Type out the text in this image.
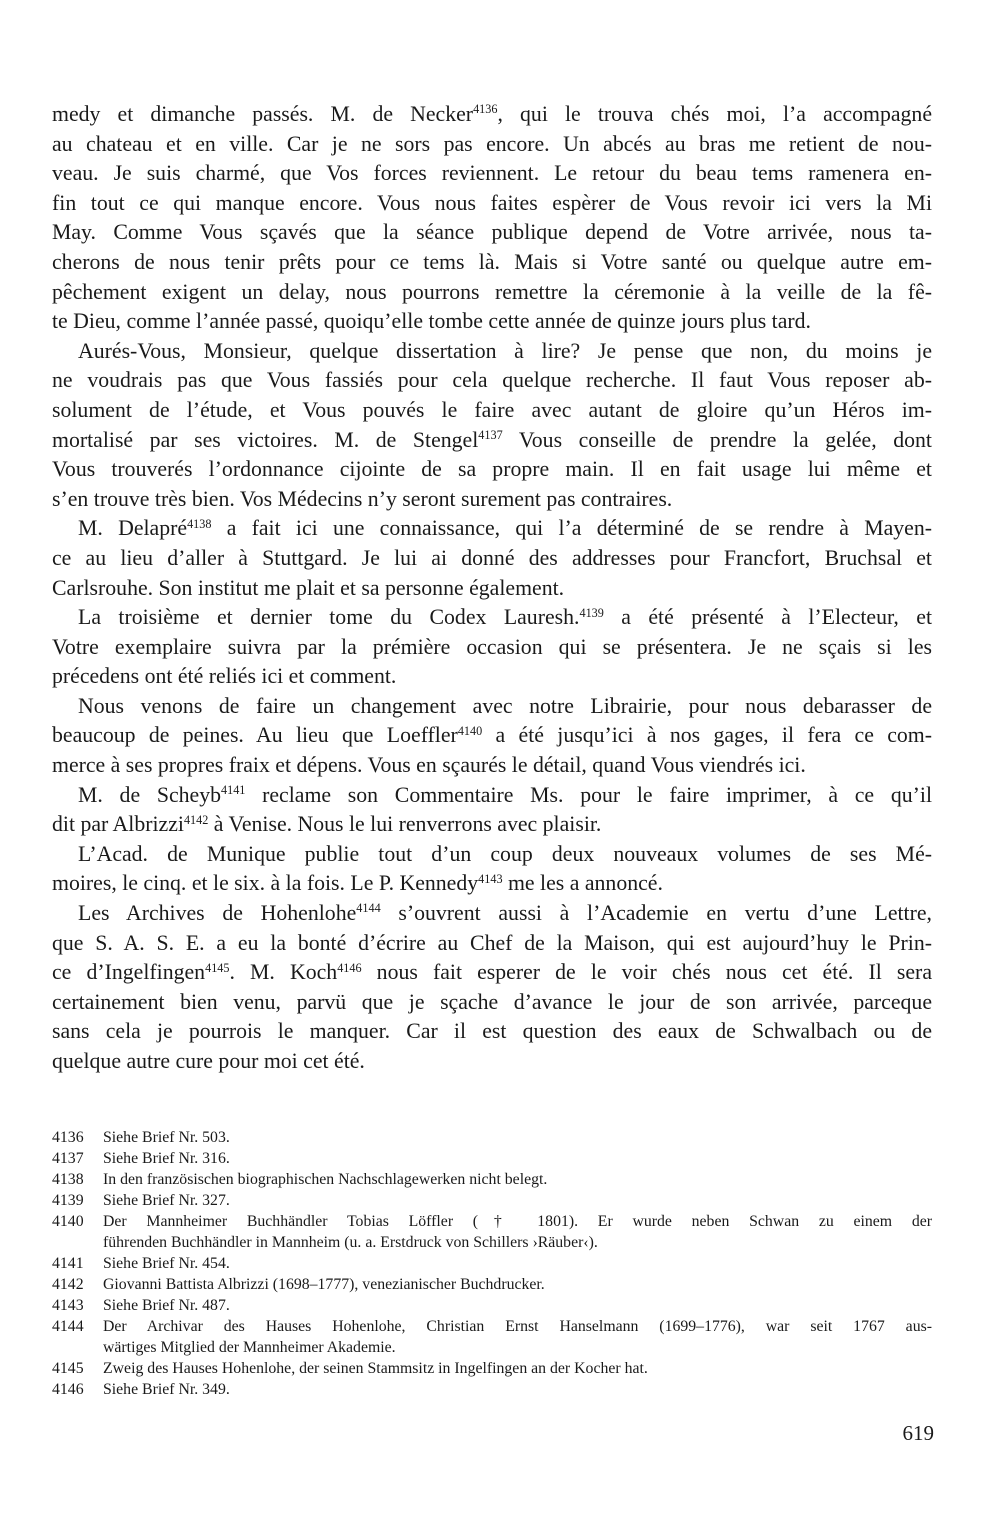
medy et dimanche passés. M. de Necker$^{4136}$, qui le trouva chés moi, l’a accompagné
au chateau et en ville. Car je ne sors pas encore. Un abcés au bras me retient de nou-
veau. Je suis charmé, que Vos forces reviennent. Le retour du beau tems ramenera en-
fin tout ce qui manque encore. Vous nous faites espèrer de Vous revoir ici vers la Mi
May. Comme Vous sçavés que la séance publique depend de Votre arrivée, nous ta-
cherons de nous tenir prêts pour ce tems là. Mais si Votre santé ou quelque autre em-
pêchement exigent un delay, nous pourrons remettre la céremonie à la veille de la fê-
te Dieu, comme l’année passé, quoiqu’elle tombe cette année de quinze jours plus tard.
Aurés-Vous, Monsieur, quelque dissertation à lire? Je pense que non, du moins je
ne voudrais pas que Vous fassiés pour cela quelque recherche. Il faut Vous reposer ab-
solument de l’étude, et Vous pouvés le faire avec autant de gloire qu’un Héros im-
mortalisé par ses victoires. M. de Stengel$^{4137}$ Vous conseille de prendre la gelée, dont
Vous trouverés l’ordonnance cijointe de sa propre main. Il en fait usage lui même et
s’en trouve très bien. Vos Médecins n’y seront surement pas contraires.
M. Delapré$^{4138}$ a fait ici une connaissance, qui l’a déterminé de se rendre à Mayen-
ce au lieu d’aller à Stuttgard. Je lui ai donné des addresses pour Francfort, Bruchsal et
Carlsrouhe. Son institut me plait et sa personne également.
La troisième et dernier tome du Codex Lauresh.$^{4139}$ a été présenté à l’Electeur, et
Votre exemplaire suivra par la prémière occasion qui se présentera. Je ne sçais si les
précedens ont été reliés ici et comment.
Nous venons de faire un changement avec notre Librairie, pour nous debarasser de
beaucoup de peines. Au lieu que Loeffler$^{4140}$ a été jusqu’ici à nos gages, il fera ce com-
merce à ses propres fraix et dépens. Vous en sçaurés le détail, quand Vous viendrés ici.
M. de Scheyb$^{4141}$ reclame son Commentaire Ms. pour le faire imprimer, à ce qu’il
dit par Albrizzi$^{4142}$ à Venise. Nous le lui renverrons avec plaisir.
L’Acad. de Munique publie tout d’un coup deux nouveaux volumes de ses Mé-
moires, le cinq. et le six. à la fois. Le P. Kennedy$^{4143}$ me les a annoncé.
Les Archives de Hohenlohe$^{4144}$ s’ouvrent aussi à l’Academie en vertu d’une Lettre,
que S. A. S. E. a eu la bonté d’écrire au Chef de la Maison, qui est aujourd’huy le Prin-
ce d’Ingelfingen$^{4145}$. M. Koch$^{4146}$ nous fait esperer de le voir chés nous cet été. Il sera
certainement bien venu, parvü que je sçache d’avance le jour de son arrivée, parceque
sans cela je pourrois le manquer. Car il est question des eaux de Schwalbach ou de
quelque autre cure pour moi cet été.
4136	Siehe Brief Nr. 503.
4137	Siehe Brief Nr. 316.
4138	In den französischen biographischen Nachschlagewerken nicht belegt.
4139	Siehe Brief Nr. 327.
4140	Der Mannheimer Buchhändler Tobias Löffler († 1801). Er wurde neben Schwan zu einem der
führenden Buchhändler in Mannheim (u. a. Erstdruck von Schillers ›Räuber‹).
4141	Siehe Brief Nr. 454.
4142	Giovanni Battista Albrizzi (1698–1777), venezianischer Buchdrucker.
4143	Siehe Brief Nr. 487.
4144	Der Archivar des Hauses Hohenlohe, Christian Ernst Hanselmann (1699–1776), war seit 1767 aus-
wärtiges Mitglied der Mannheimer Akademie.
4145	Zweig des Hauses Hohenlohe, der seinen Stammsitz in Ingelfingen an der Kocher hat.
4146	Siehe Brief Nr. 349.
619
